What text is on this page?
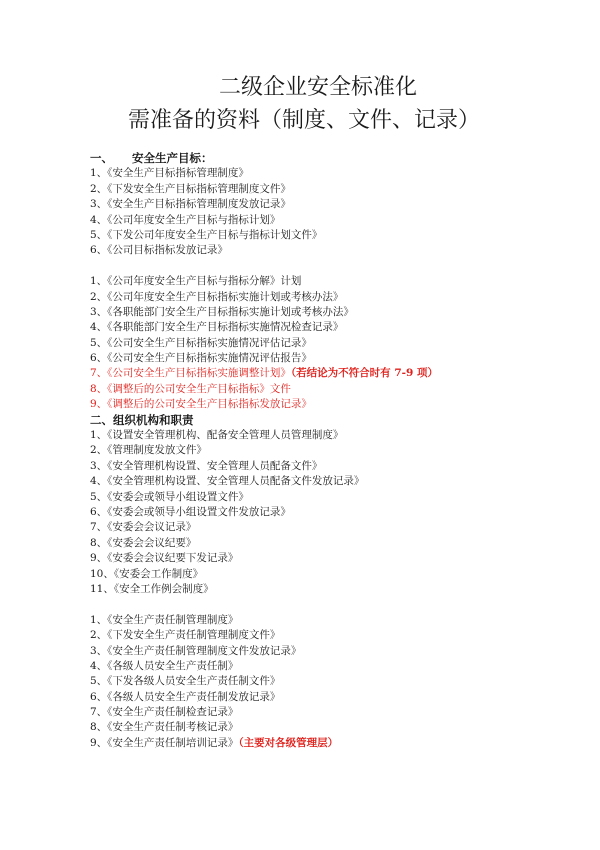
二级企业安全标准化
需准备的资料（制度、文件、记录）
一、 安全生产目标：
1、《安全生产目标指标管理制度》
2、《下发安全生产目标指标管理制度文件》
3、《安全生产目标指标管理制度发放记录》
4、《公司年度安全生产目标与指标计划》
5、《下发公司年度安全生产目标与指标计划文件》
6、《公司目标指标发放记录》
1、《公司年度安全生产目标与指标分解》计划
2、《公司年度安全生产目标指标实施计划或考核办法》
3、《各职能部门安全生产目标指标实施计划或考核办法》
4、《各职能部门安全生产目标指标实施情况检查记录》
5、《公司安全生产目标指标实施情况评估记录》
6、《公司安全生产目标指标实施情况评估报告》
7、《公司安全生产目标指标实施调整计划》（若结论为不符合时有 7-9 项）
8、《调整后的公司安全生产目标指标》文件
9、《调整后的公司安全生产目标指标发放记录》
二、组织机构和职责
1、《设置安全管理机构、配备安全管理人员管理制度》
2、《管理制度发放文件》
3、《安全管理机构设置、安全管理人员配备文件》
4、《安全管理机构设置、安全管理人员配备文件发放记录》
5、《安委会或领导小组设置文件》
6、《安委会或领导小组设置文件发放记录》
7、《安委会会议记录》
8、《安委会会议纪要》
9、《安委会会议纪要下发记录》
10、《安委会工作制度》
11、《安全工作例会制度》
1、《安全生产责任制管理制度》
2、《下发安全生产责任制管理制度文件》
3、《安全生产责任制管理制度文件发放记录》
4、《各级人员安全生产责任制》
5、《下发各级人员安全生产责任制文件》
6、《各级人员安全生产责任制发放记录》
7、《安全生产责任制检查记录》
8、《安全生产责任制考核记录》
9、《安全生产责任制培训记录》（主要对各级管理层）
